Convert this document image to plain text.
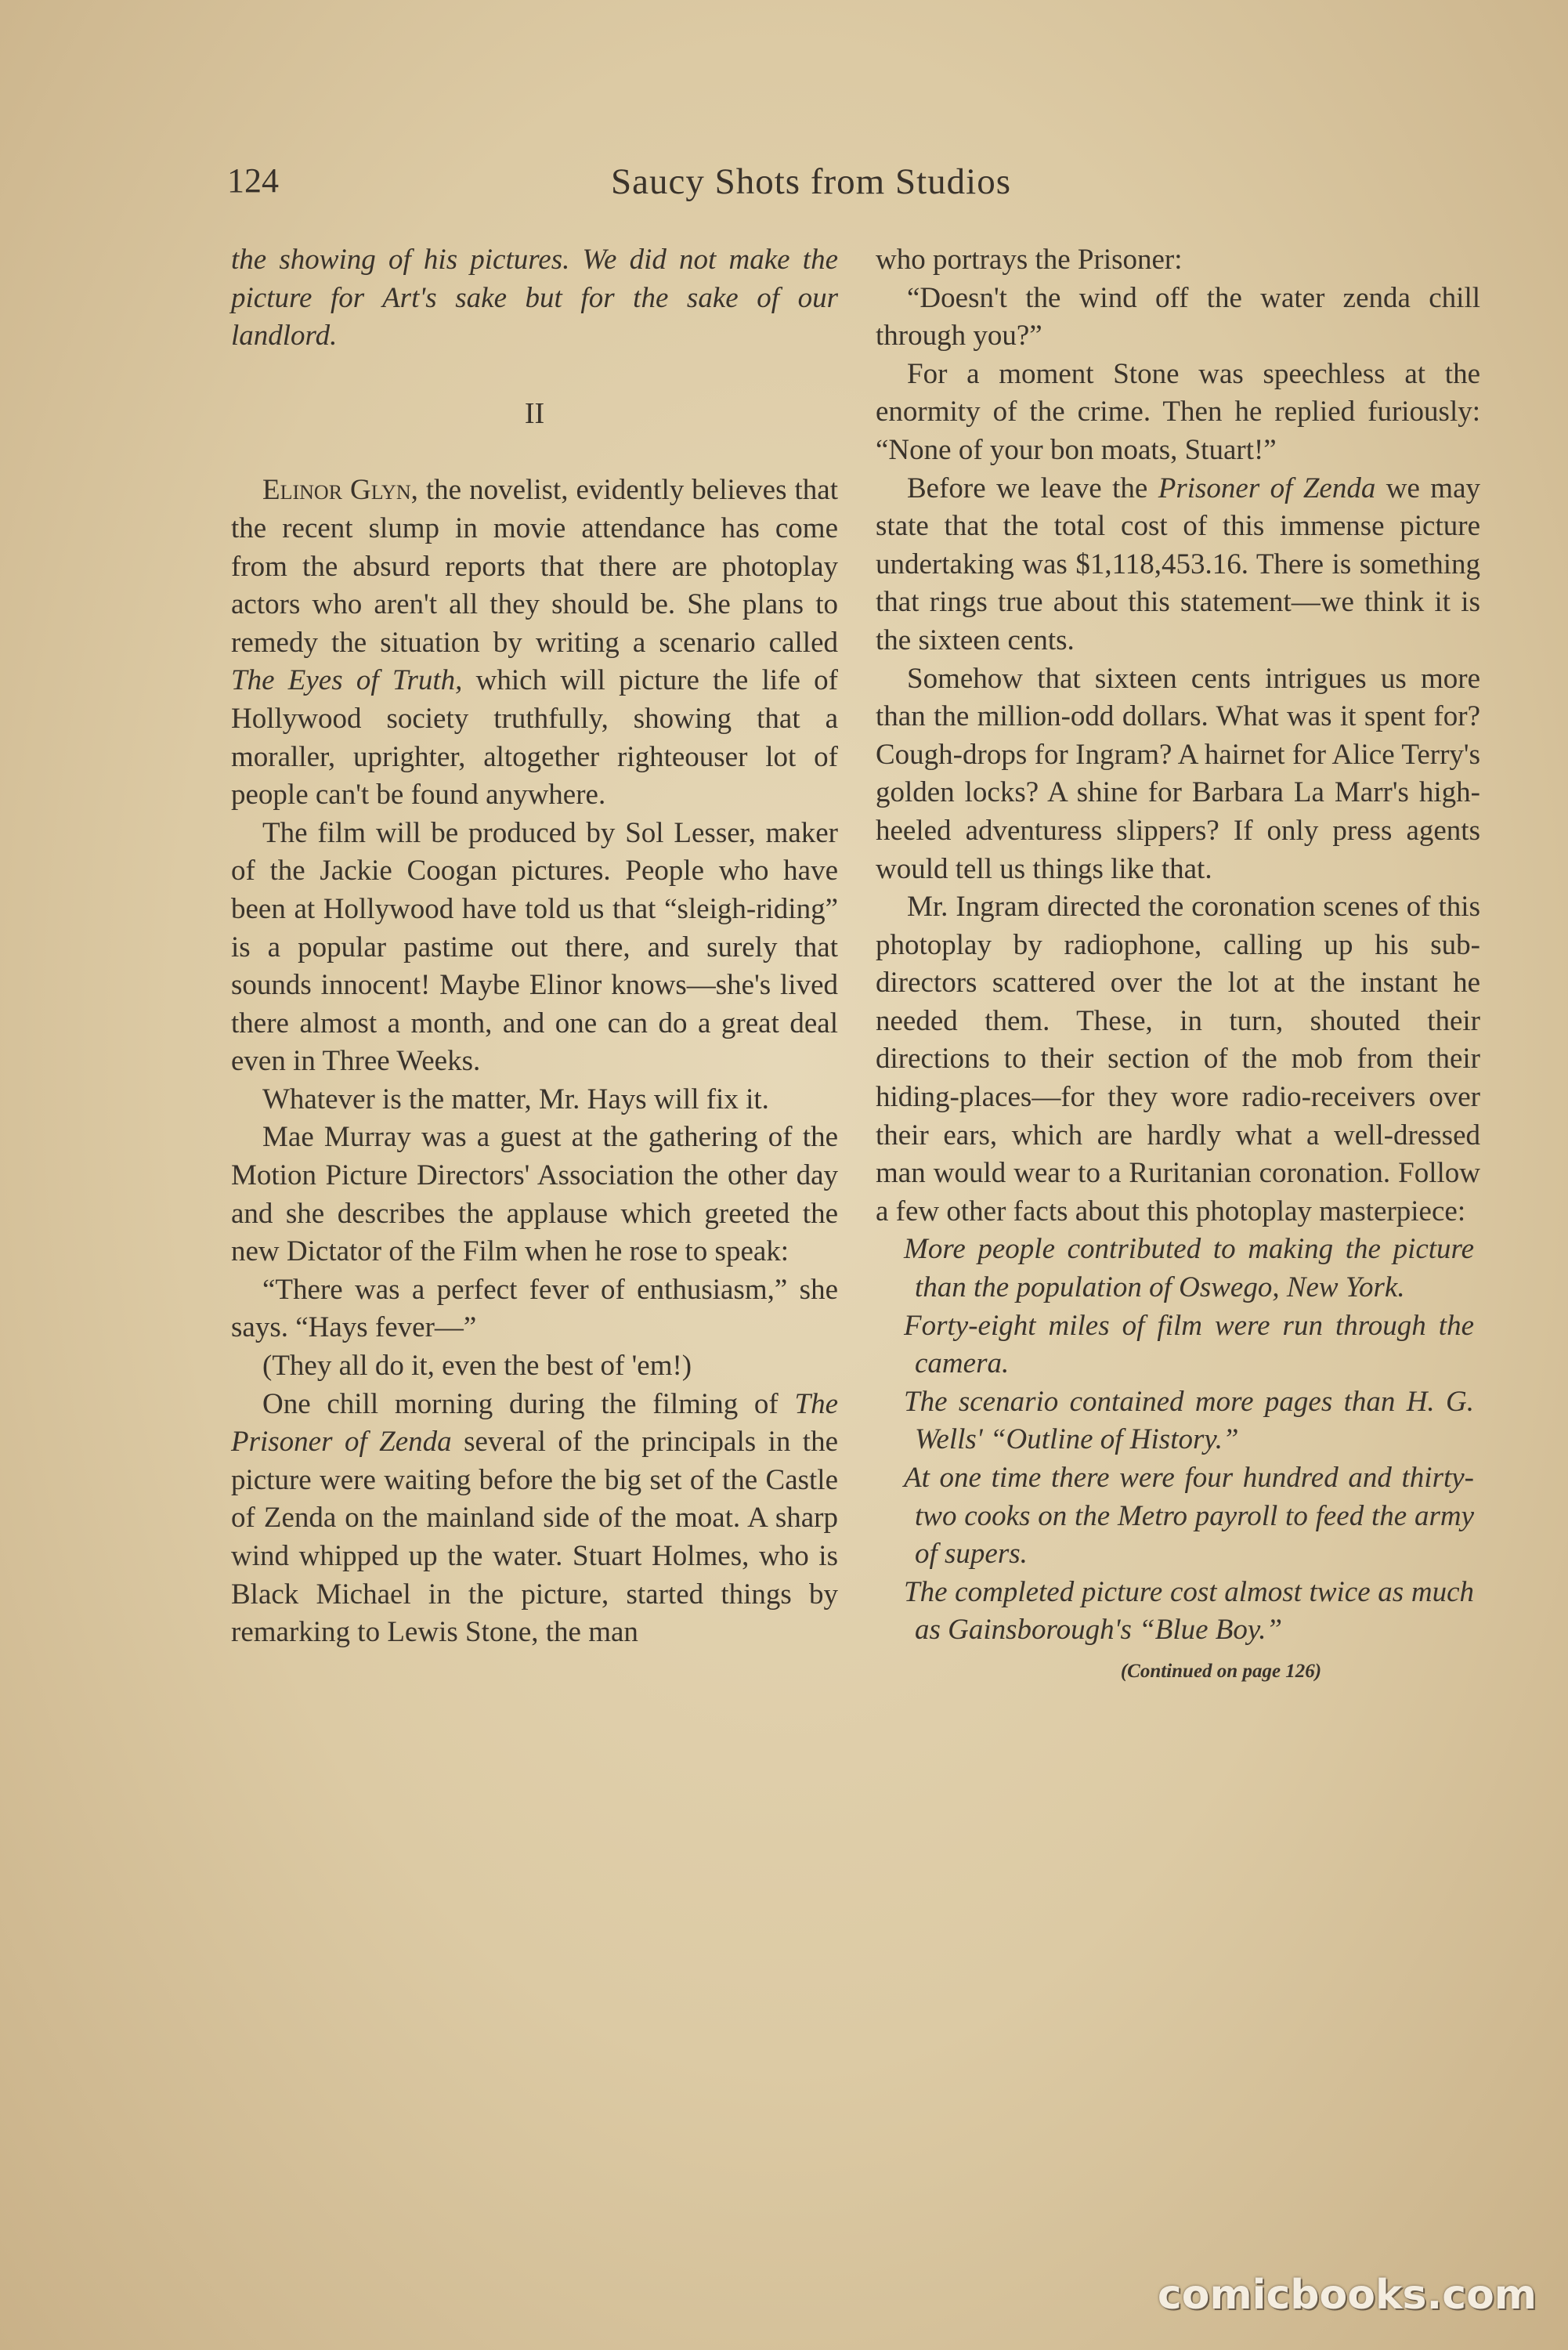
124	Saucy Shots from Studios

the showing of his pictures. We did not make the picture for Art's sake but for the sake of our landlord.

II

Elinor Glyn, the novelist, evidently believes that the recent slump in movie attendance has come from the absurd reports that there are photoplay actors who aren't all they should be. She plans to remedy the situation by writing a scenario called The Eyes of Truth, which will picture the life of Hollywood society truthfully, showing that a moraller, uprighter, altogether righteouser lot of people can't be found anywhere.

The film will be produced by Sol Lesser, maker of the Jackie Coogan pictures. People who have been at Hollywood have told us that “sleigh-riding” is a popular pastime out there, and surely that sounds innocent! Maybe Elinor knows—she's lived there almost a month, and one can do a great deal even in Three Weeks.

Whatever is the matter, Mr. Hays will fix it.

Mae Murray was a guest at the gathering of the Motion Picture Directors' Association the other day and she describes the applause which greeted the new Dictator of the Film when he rose to speak:

“There was a perfect fever of enthusiasm,” she says. “Hays fever—”

(They all do it, even the best of 'em!)

One chill morning during the filming of The Prisoner of Zenda several of the principals in the picture were waiting before the big set of the Castle of Zenda on the mainland side of the moat. A sharp wind whipped up the water. Stuart Holmes, who is Black Michael in the picture, started things by remarking to Lewis Stone, the man

who portrays the Prisoner:

“Doesn't the wind off the water zenda chill through you?”

For a moment Stone was speechless at the enormity of the crime. Then he replied furiously: “None of your bon moats, Stuart!”

Before we leave the Prisoner of Zenda we may state that the total cost of this immense picture undertaking was $1,118,453.16. There is something that rings true about this statement—we think it is the sixteen cents.

Somehow that sixteen cents intrigues us more than the million-odd dollars. What was it spent for? Cough-drops for Ingram? A hairnet for Alice Terry's golden locks? A shine for Barbara La Marr's high-heeled adventuress slippers? If only press agents would tell us things like that.

Mr. Ingram directed the coronation scenes of this photoplay by radiophone, calling up his sub-directors scattered over the lot at the instant he needed them. These, in turn, shouted their directions to their section of the mob from their hiding-places—for they wore radio-receivers over their ears, which are hardly what a well-dressed man would wear to a Ruritanian coronation. Follow a few other facts about this photoplay masterpiece:

More people contributed to making the picture than the population of Oswego, New York.

Forty-eight miles of film were run through the camera.

The scenario contained more pages than H. G. Wells' “Outline of History.”

At one time there were four hundred and thirty-two cooks on the Metro payroll to feed the army of supers.

The completed picture cost almost twice as much as Gainsborough's “Blue Boy.”

(Continued on page 126)

comicbooks.com
